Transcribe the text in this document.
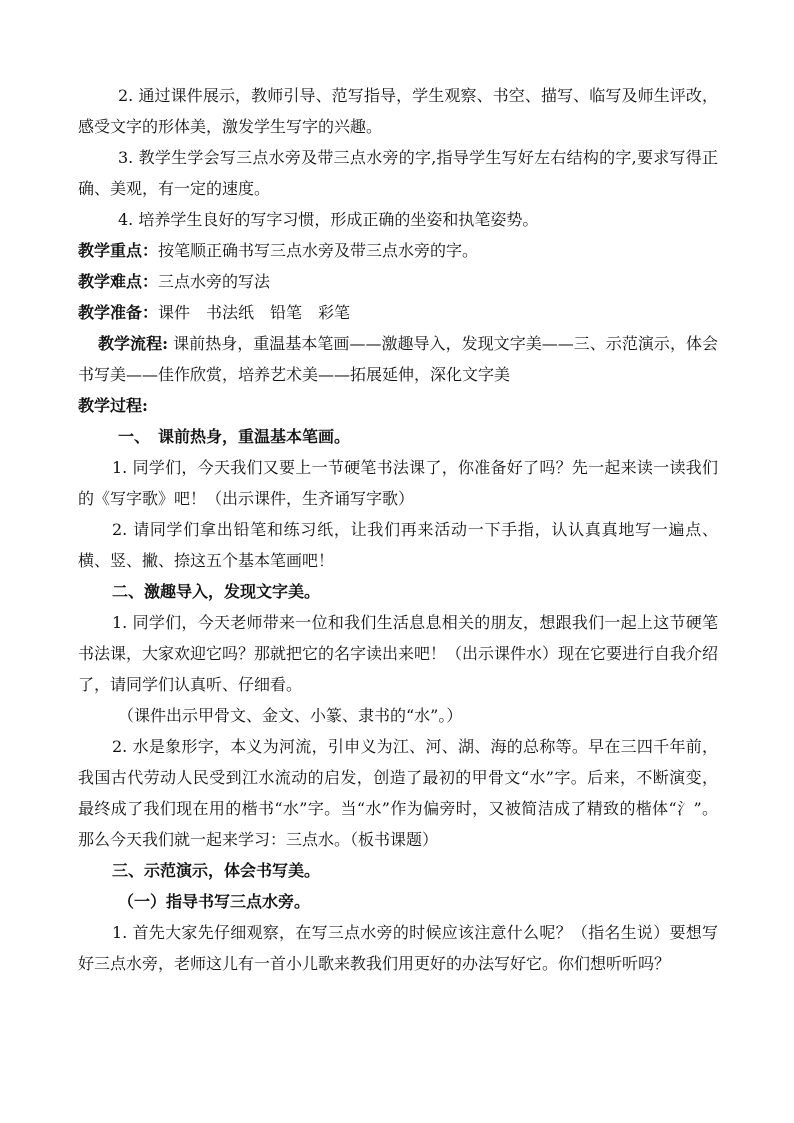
2. 通过课件展示，教师引导、范写指导，学生观察、书空、描写、临写及师生评改，感受文字的形体美，激发学生写字的兴趣。

3. 教学生学会写三点水旁及带三点水旁的字,指导学生写好左右结构的字,要求写得正确、美观，有一定的速度。

4. 培养学生良好的写字习惯，形成正确的坐姿和执笔姿势。

教学重点：按笔顺正确书写三点水旁及带三点水旁的字。

教学难点：三点水旁的写法

教学准备：课件　书法纸　铅笔　彩笔

教学流程: 课前热身，重温基本笔画——激趣导入，发现文字美——三、示范演示，体会书写美——佳作欣赏，培养艺术美——拓展延伸，深化文字美

教学过程:

一、　课前热身，重温基本笔画。

1. 同学们，今天我们又要上一节硬笔书法课了，你准备好了吗？先一起来读一读我们的《写字歌》吧！（出示课件，生齐诵写字歌）

2. 请同学们拿出铅笔和练习纸，让我们再来活动一下手指，认认真真地写一遍点、横、竖、撇、捺这五个基本笔画吧！

二、激趣导入，发现文字美。

1. 同学们，今天老师带来一位和我们生活息息相关的朋友，想跟我们一起上这节硬笔书法课，大家欢迎它吗？那就把它的名字读出来吧！（出示课件水）现在它要进行自我介绍了，请同学们认真听、仔细看。

（课件出示甲骨文、金文、小篆、隶书的“水”。）

2. 水是象形字，本义为河流，引申义为江、河、湖、海的总称等。早在三四千年前，我国古代劳动人民受到江水流动的启发，创造了最初的甲骨文“水”字。后来，不断演变，最终成了我们现在用的楷书“水”字。当“水”作为偏旁时，又被简洁成了精致的楷体“氵”。那么今天我们就一起来学习：三点水。（板书课题）

三、示范演示，体会书写美。

（一）指导书写三点水旁。

1. 首先大家先仔细观察，在写三点水旁的时候应该注意什么呢？（指名生说）要想写好三点水旁，老师这儿有一首小儿歌来教我们用更好的办法写好它。你们想听听吗？
